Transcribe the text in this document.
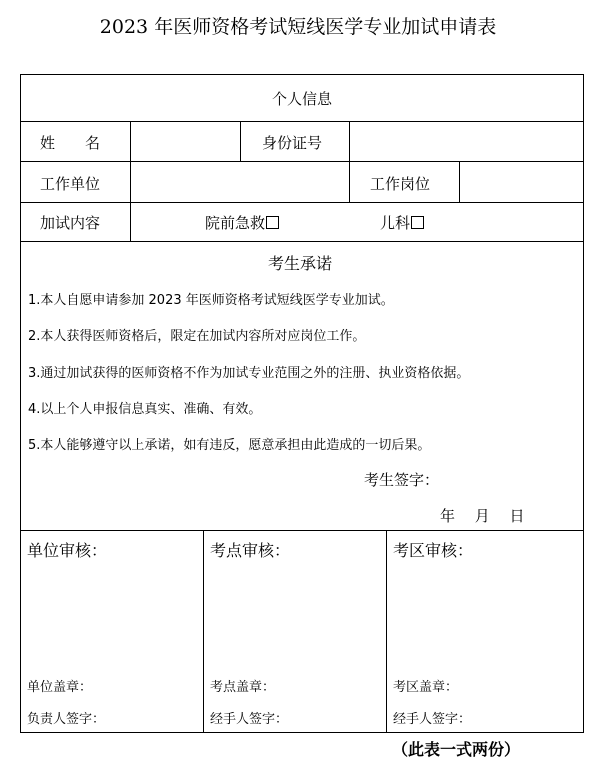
2023 年医师资格考试短线医学专业加试申请表
个人信息
姓　　名	身份证号
工作单位	工作岗位
加试内容	院前急救	儿科
考生承诺
1.本人自愿申请参加 2023 年医师资格考试短线医学专业加试。
2.本人获得医师资格后，限定在加试内容所对应岗位工作。
3.通过加试获得的医师资格不作为加试专业范围之外的注册、执业资格依据。
4.以上个人申报信息真实、准确、有效。
5.本人能够遵守以上承诺，如有违反，愿意承担由此造成的一切后果。
考生签字：
年　 月　 日
单位审核：
单位盖章：
负责人签字：
考点审核：
考点盖章：
经手人签字：
考区审核：
考区盖章：
经手人签字：
（此表一式两份）
